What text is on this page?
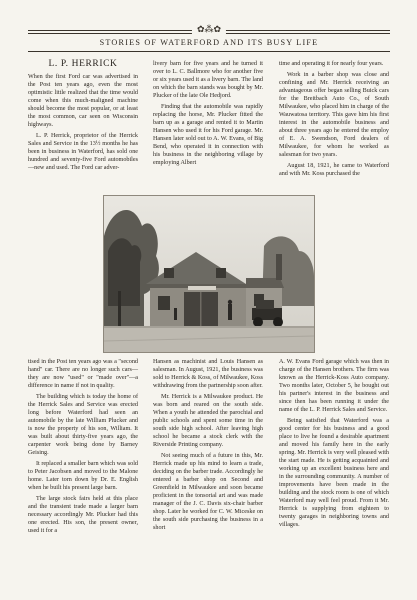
✿⁂✿
STORIES OF WATERFORD AND ITS BUSY LIFE
L. P. HERRICK

When the first Ford car was advertised in the Post ten years ago, even the most optimistic little realized that the time would come when this much-maligned machine should become the most popular, or at least the most common, car seen on Wisconsin highways.

L. P. Herrick, proprietor of the Herrick Sales and Service in the 13½ months he has been in business in Waterford, has sold one hundred and seventy-five Ford automobiles—new and used. The Ford car adver-

livery barn for five years and he turned it over to L. C. Ballmore who for another five or six years used it as a livery barn. The land on which the barn stands was bought by Mr. Plucker of the late Ole Hedjord.

Finding that the automobile was rapidly replacing the horse, Mr. Plucker fitted the barn up as a garage and rented it to Martin Hansen who used it for his Ford garage. Mr. Hansen later sold out to A. W. Evans, of Big Bend, who operated it in connection with his business in the neighboring village by employing Albert

time and operating it for nearly four years.

Work in a barber shop was close and confining and Mr. Herrick receiving an advantageous offer began selling Buick cars for the Breitbach Auto Co., of South Milwaukee, who placed him in charge of the Wauwatosa territory. This gave him his first interest in the automobile business and about three years ago he entered the employ of E. A. Swendson, Ford dealers of Milwaukee, for whom he worked as salesman for two years.

August 18, 1921, he came to Waterford and with Mr. Koss purchased the

tised in the Post ten years ago was a "second hand" car. There are no longer such cars—they are now "used" or "made over"—a difference in name if not in quality.

The building which is today the home of the Herrick Sales and Service was erected long before Waterford had seen an automobile by the late William Plucker and is now the property of his son, William. It was built about thirty-five years ago, the carpenter work being done by Barney Geising.

It replaced a smaller barn which was sold to Peter Jacobsen and moved to the Malone home. Later torn down by Dr. E. English when he built his present large barn.

The large stock fairs held at this place and the transient trade made a larger barn necessary accordingly Mr. Plucker had this one erected. His son, the present owner, used it for a

Hansen as machinist and Louis Hansen as salesman. In August, 1921, the business was sold to Herrick & Koss, of Milwaukee, Koss withdrawing from the partnership soon after.

Mr. Herrick is a Milwaukee product. He was born and reared on the south side. When a youth he attended the parochial and public schools and spent some time in the south side high school. After leaving high school he became a stock clerk with the Riverside Printing company.

Not seeing much of a future in this, Mr. Herrick made up his mind to learn a trade, deciding on the barber trade. Accordingly he entered a barber shop on Second and Greenfield in Milwaukee and soon became proficient in the tonsorial art and was made manager of the J. C. Davis six-chair barber shop. Later he worked for C. W. Miceske on the south side purchasing the business in a short

A. W. Evans Ford garage which was then in charge of the Hansen brothers. The firm was known as the Herrick-Koss Auto company. Two months later, October 5, he bought out his partner's interest in the business and since then has been running it under the name of the L. P. Herrick Sales and Service.

Being satisfied that Waterford was a good center for his business and a good place to live he found a desirable apartment and moved his family here in the early spring. Mr. Herrick is very well pleased with the start made. He is getting acquainted and working up an excellent business here and in the surrounding community. A number of improvements have been made in the building and the stock room is one of which Waterford may well feel proud. From it Mr. Herrick is supplying from eighteen to twenty garages in neighboring towns and villages.
